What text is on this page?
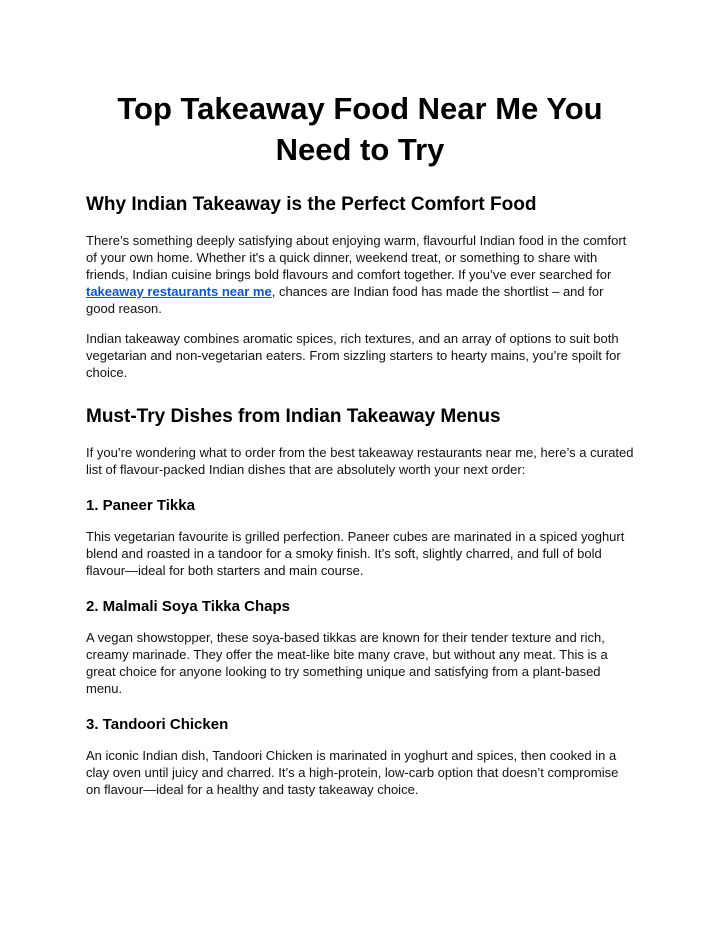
Top Takeaway Food Near Me You Need to Try
Why Indian Takeaway is the Perfect Comfort Food

There’s something deeply satisfying about enjoying warm, flavourful Indian food in the comfort of your own home. Whether it's a quick dinner, weekend treat, or something to share with friends, Indian cuisine brings bold flavours and comfort together. If you’ve ever searched for takeaway restaurants near me, chances are Indian food has made the shortlist – and for good reason.

Indian takeaway combines aromatic spices, rich textures, and an array of options to suit both vegetarian and non-vegetarian eaters. From sizzling starters to hearty mains, you’re spoilt for choice.

Must-Try Dishes from Indian Takeaway Menus

If you’re wondering what to order from the best takeaway restaurants near me, here’s a curated list of flavour-packed Indian dishes that are absolutely worth your next order:

1. Paneer Tikka

This vegetarian favourite is grilled perfection. Paneer cubes are marinated in a spiced yoghurt blend and roasted in a tandoor for a smoky finish. It’s soft, slightly charred, and full of bold flavour—ideal for both starters and main course.

2. Malmali Soya Tikka Chaps

A vegan showstopper, these soya-based tikkas are known for their tender texture and rich, creamy marinade. They offer the meat-like bite many crave, but without any meat. This is a great choice for anyone looking to try something unique and satisfying from a plant-based menu.

3. Tandoori Chicken

An iconic Indian dish, Tandoori Chicken is marinated in yoghurt and spices, then cooked in a clay oven until juicy and charred. It’s a high-protein, low-carb option that doesn’t compromise on flavour—ideal for a healthy and tasty takeaway choice.
